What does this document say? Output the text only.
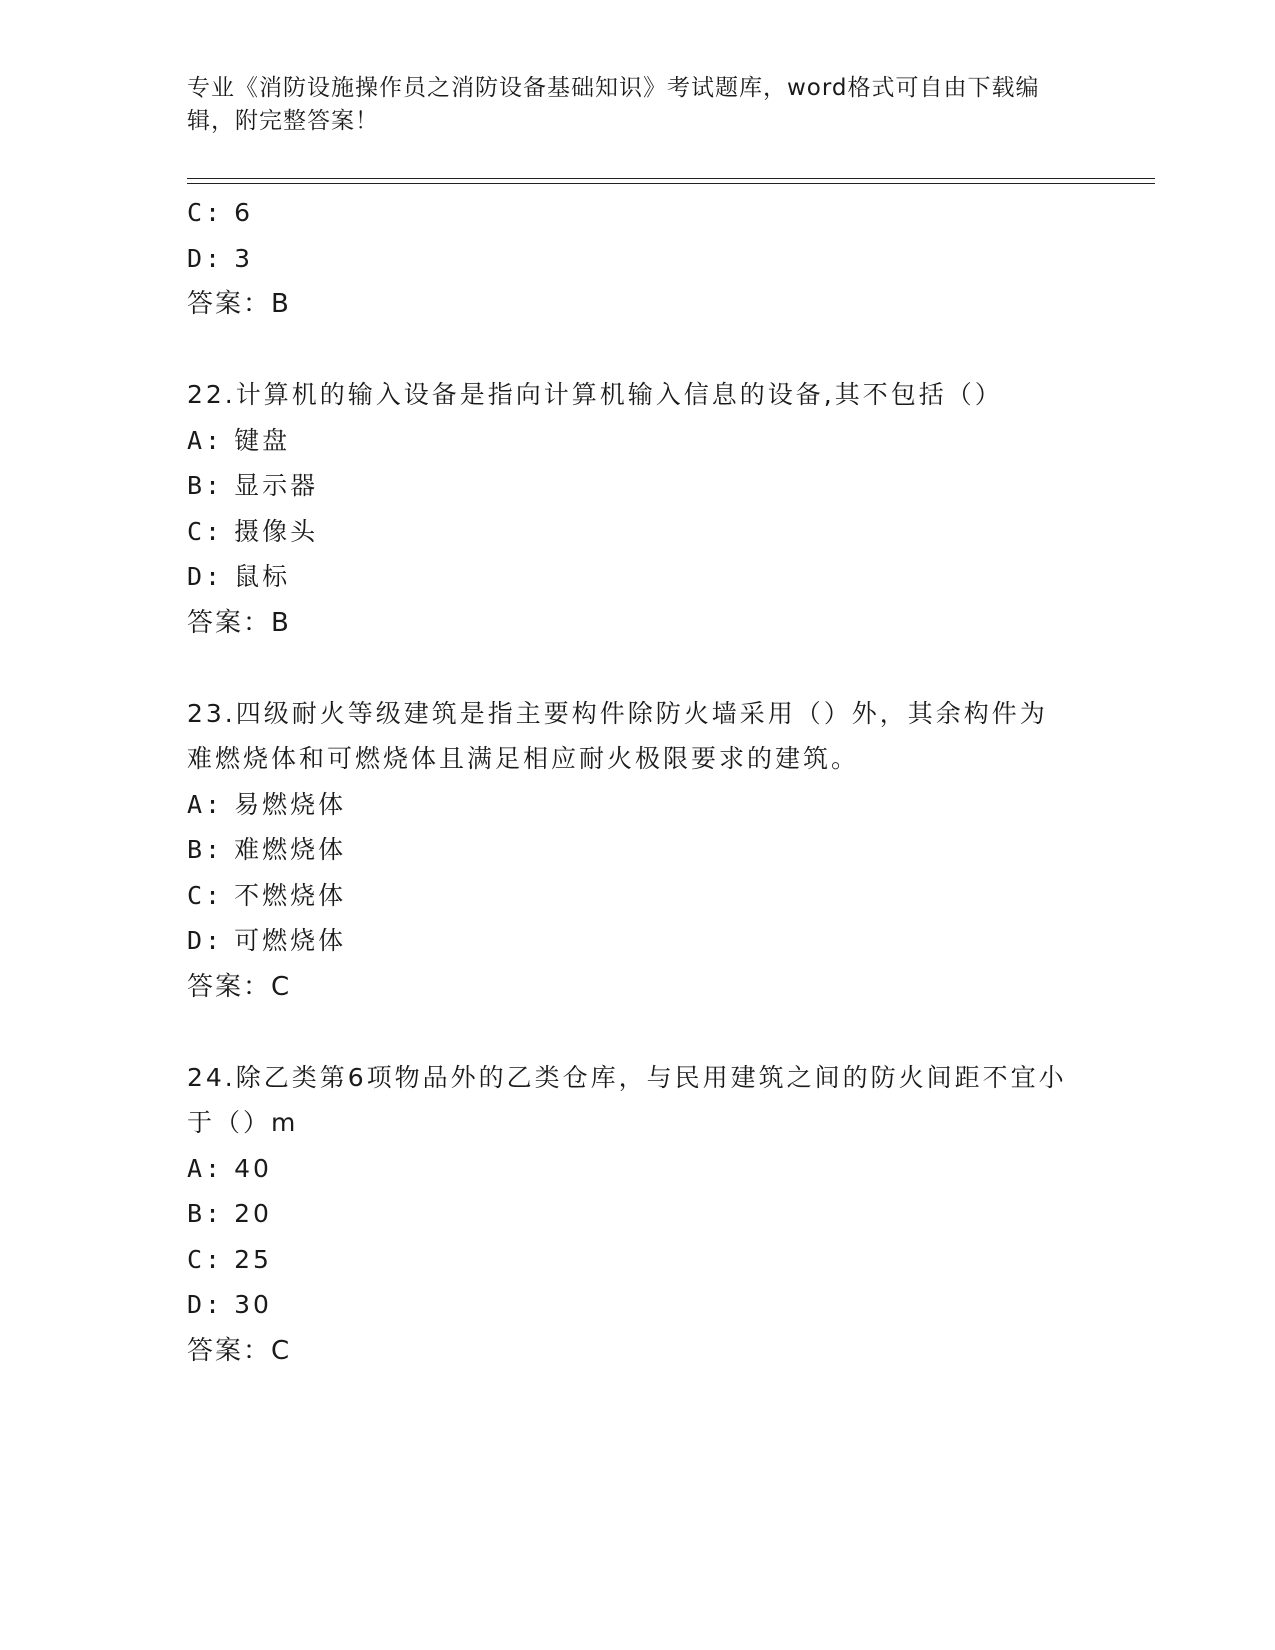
专业《消防设施操作员之消防设备基础知识》考试题库，word格式可自由下载编辑，附完整答案！
C: 6
D: 3
答案：B
22.计算机的输入设备是指向计算机输入信息的设备,其不包括（）
A: 键盘
B: 显示器
C: 摄像头
D: 鼠标
答案：B
23.四级耐火等级建筑是指主要构件除防火墙采用（）外，其余构件为难燃烧体和可燃烧体且满足相应耐火极限要求的建筑。
A: 易燃烧体
B: 难燃烧体
C: 不燃烧体
D: 可燃烧体
答案：C
24.除乙类第6项物品外的乙类仓库，与民用建筑之间的防火间距不宜小于（）m
A: 40
B: 20
C: 25
D: 30
答案：C
